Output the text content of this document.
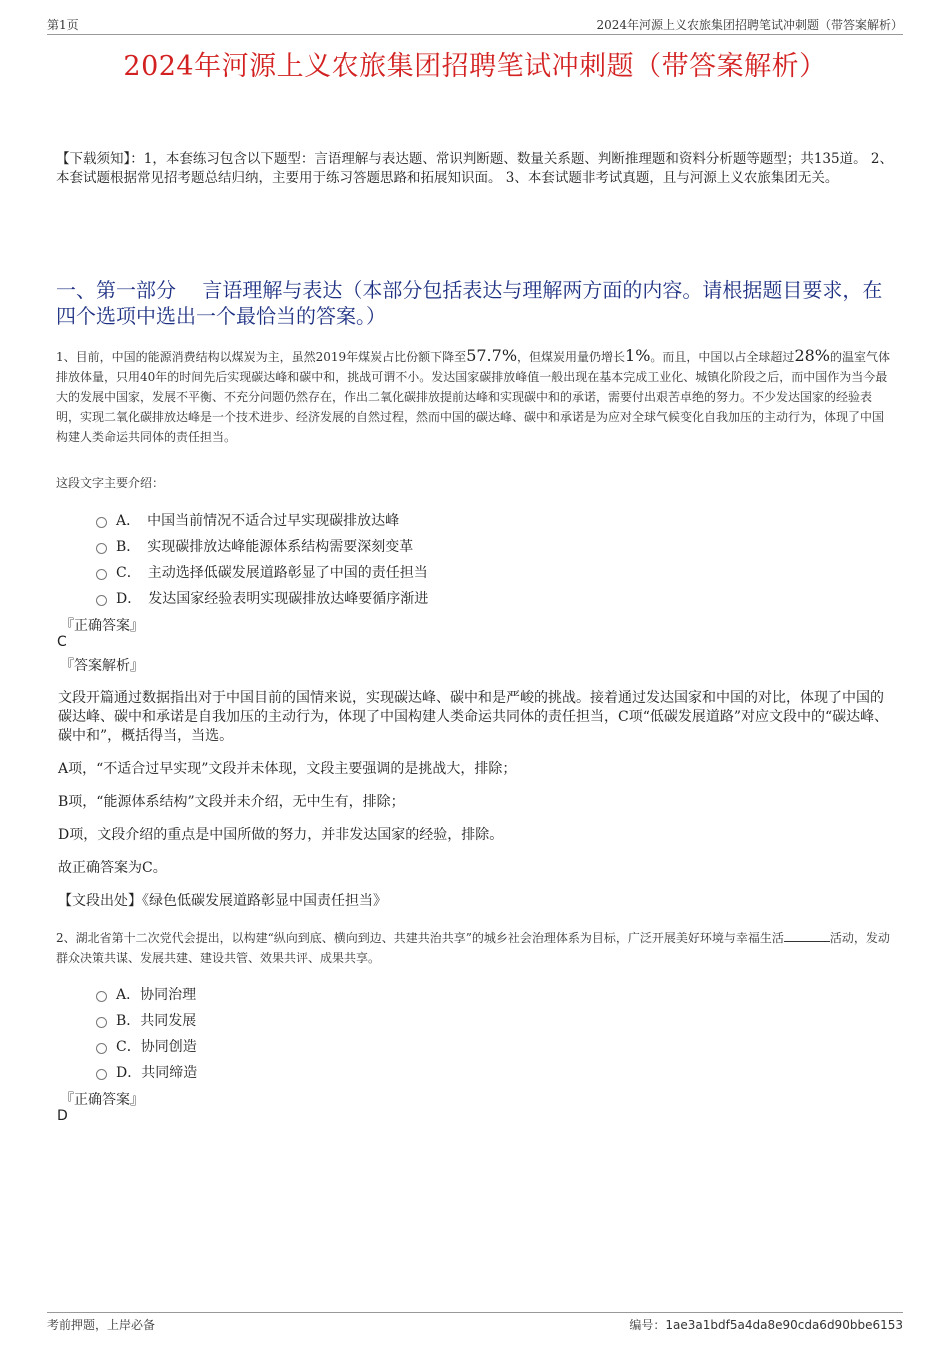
第1页	2024年河源上义农旅集团招聘笔试冲刺题（带答案解析）
2024年河源上义农旅集团招聘笔试冲刺题（带答案解析）
【下载须知】：1，本套练习包含以下题型：言语理解与表达题、常识判断题、数量关系题、判断推理题和资料分析题等题型；共135道。 2、本套试题根据常见招考题总结归纳，主要用于练习答题思路和拓展知识面。 3、本套试题非考试真题，且与河源上义农旅集团无关。
一、第一部分　 言语理解与表达（本部分包括表达与理解两方面的内容。请根据题目要求，在四个选项中选出一个最恰当的答案。）
1、目前，中国的能源消费结构以煤炭为主，虽然2019年煤炭占比份额下降至57.7%，但煤炭用量仍增长1%。而且，中国以占全球超过28%的温室气体排放体量，只用40年的时间先后实现碳达峰和碳中和，挑战可谓不小。发达国家碳排放峰值一般出现在基本完成工业化、城镇化阶段之后，而中国作为当今最大的发展中国家，发展不平衡、不充分问题仍然存在，作出二氧化碳排放提前达峰和实现碳中和的承诺，需要付出艰苦卓绝的努力。不少发达国家的经验表明，实现二氧化碳排放达峰是一个技术进步、经济发展的自然过程，然而中国的碳达峰、碳中和承诺是为应对全球气候变化自我加压的主动行为，体现了中国构建人类命运共同体的责任担当。
这段文字主要介绍：
A．　中国当前情况不适合过早实现碳排放达峰
B．　实现碳排放达峰能源体系结构需要深刻变革
C．　主动选择低碳发展道路彰显了中国的责任担当
D．　发达国家经验表明实现碳排放达峰要循序渐进
『正确答案』
C
『答案解析』
文段开篇通过数据指出对于中国目前的国情来说，实现碳达峰、碳中和是严峻的挑战。接着通过发达国家和中国的对比，体现了中国的碳达峰、碳中和承诺是自我加压的主动行为，体现了中国构建人类命运共同体的责任担当，C项“低碳发展道路”对应文段中的“碳达峰、碳中和”，概括得当，当选。
A项，“不适合过早实现”文段并未体现，文段主要强调的是挑战大，排除；
B项，“能源体系结构”文段并未介绍，无中生有，排除；
D项，文段介绍的重点是中国所做的努力，并非发达国家的经验，排除。
故正确答案为C。
【文段出处】《绿色低碳发展道路彰显中国责任担当》
2、湖北省第十二次党代会提出，以构建“纵向到底、横向到边、共建共治共享”的城乡社会治理体系为目标，广泛开展美好环境与幸福生活	活动，发动群众决策共谋、发展共建、建设共管、效果共评、成果共享。
A．协同治理
B．共同发展
C．协同创造
D．共同缔造
『正确答案』
D
考前押题，上岸必备	编号：1ae3a1bdf5a4da8e90cda6d90bbe6153
